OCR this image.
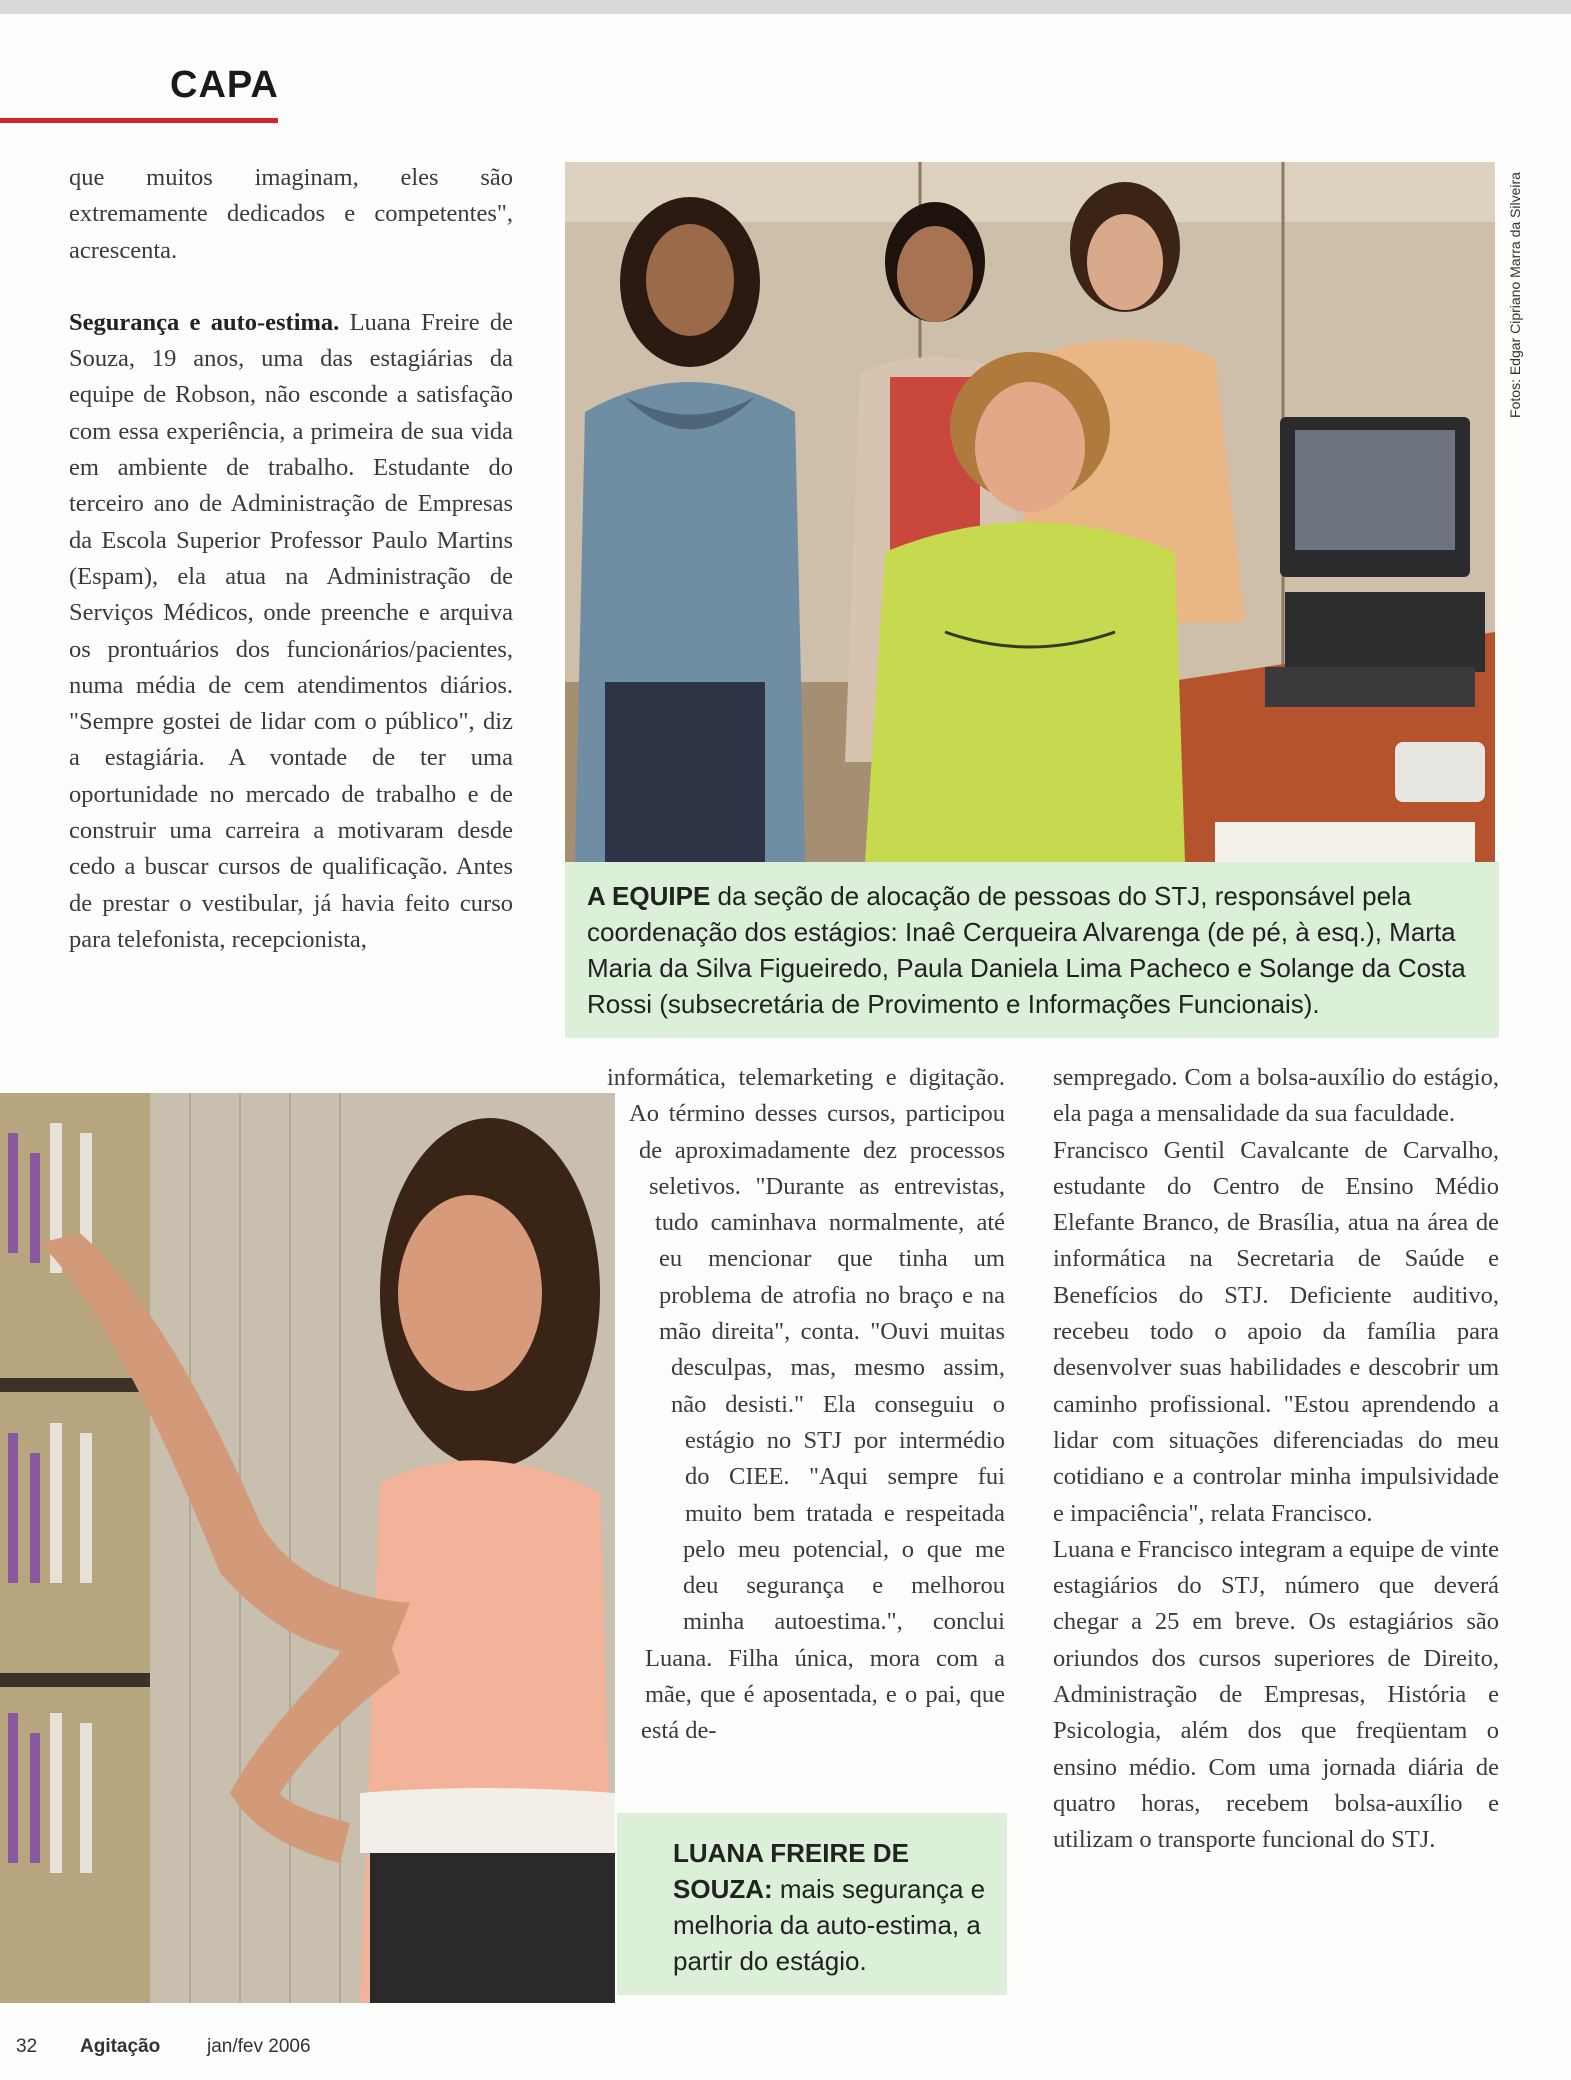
CAPA

que muitos imaginam, eles são extremamente dedicados e competentes", acrescenta.

Segurança e auto-estima. Luana Freire de Souza, 19 anos, uma das estagiárias da equipe de Robson, não esconde a satisfação com essa experiência, a primeira de sua vida em ambiente de trabalho. Estudante do terceiro ano de Administração de Empresas da Escola Superior Professor Paulo Martins (Espam), ela atua na Administração de Serviços Médicos, onde preenche e arquiva os prontuários dos funcionários/pacientes, numa média de cem atendimentos diários. "Sempre gostei de lidar com o público", diz a estagiária. A vontade de ter uma oportunidade no mercado de trabalho e de construir uma carreira a motivaram desde cedo a buscar cursos de qualificação. Antes de prestar o vestibular, já havia feito curso para telefonista, recepcionista,

Fotos: Edgar Cipriano Marra da Silveira
A EQUIPE da seção de alocação de pessoas do STJ, responsável pela coordenação dos estágios: Inaê Cerqueira Alvarenga (de pé, à esq.), Marta Maria da Silva Figueiredo, Paula Daniela Lima Pacheco e Solange da Costa Rossi (subsecretária de Provimento e Informações Funcionais).

informática, telemarketing e digitação. Ao término desses cursos, participou de aproximadamente dez processos seletivos. "Durante as entrevistas, tudo caminhava normalmente, até eu mencionar que tinha um problema de atrofia no braço e na mão direita", conta. "Ouvi muitas desculpas, mas, mesmo assim, não desisti." Ela conseguiu o estágio no STJ por intermédio do CIEE. "Aqui sempre fui muito bem tratada e respeitada pelo meu potencial, o que me deu segurança e melhorou minha autoestima.", conclui Luana. Filha única, mora com a mãe, que é aposentada, e o pai, que está de-

LUANA FREIRE DE SOUZA: mais segurança e melhoria da auto-estima, a partir do estágio.

sempregado. Com a bolsa-auxílio do estágio, ela paga a mensalidade da sua faculdade.

Francisco Gentil Cavalcante de Carvalho, estudante do Centro de Ensino Médio Elefante Branco, de Brasília, atua na área de informática na Secretaria de Saúde e Benefícios do STJ. Deficiente auditivo, recebeu todo o apoio da família para desenvolver suas habilidades e descobrir um caminho profissional. "Estou aprendendo a lidar com situações diferenciadas do meu cotidiano e a controlar minha impulsividade e impaciência", relata Francisco.

Luana e Francisco integram a equipe de vinte estagiários do STJ, número que deverá chegar a 25 em breve. Os estagiários são oriundos dos cursos superiores de Direito, Administração de Empresas, História e Psicologia, além dos que freqüentam o ensino médio. Com uma jornada diária de quatro horas, recebem bolsa-auxílio e utilizam o transporte funcional do STJ.

32 Agitação jan/fev 2006
